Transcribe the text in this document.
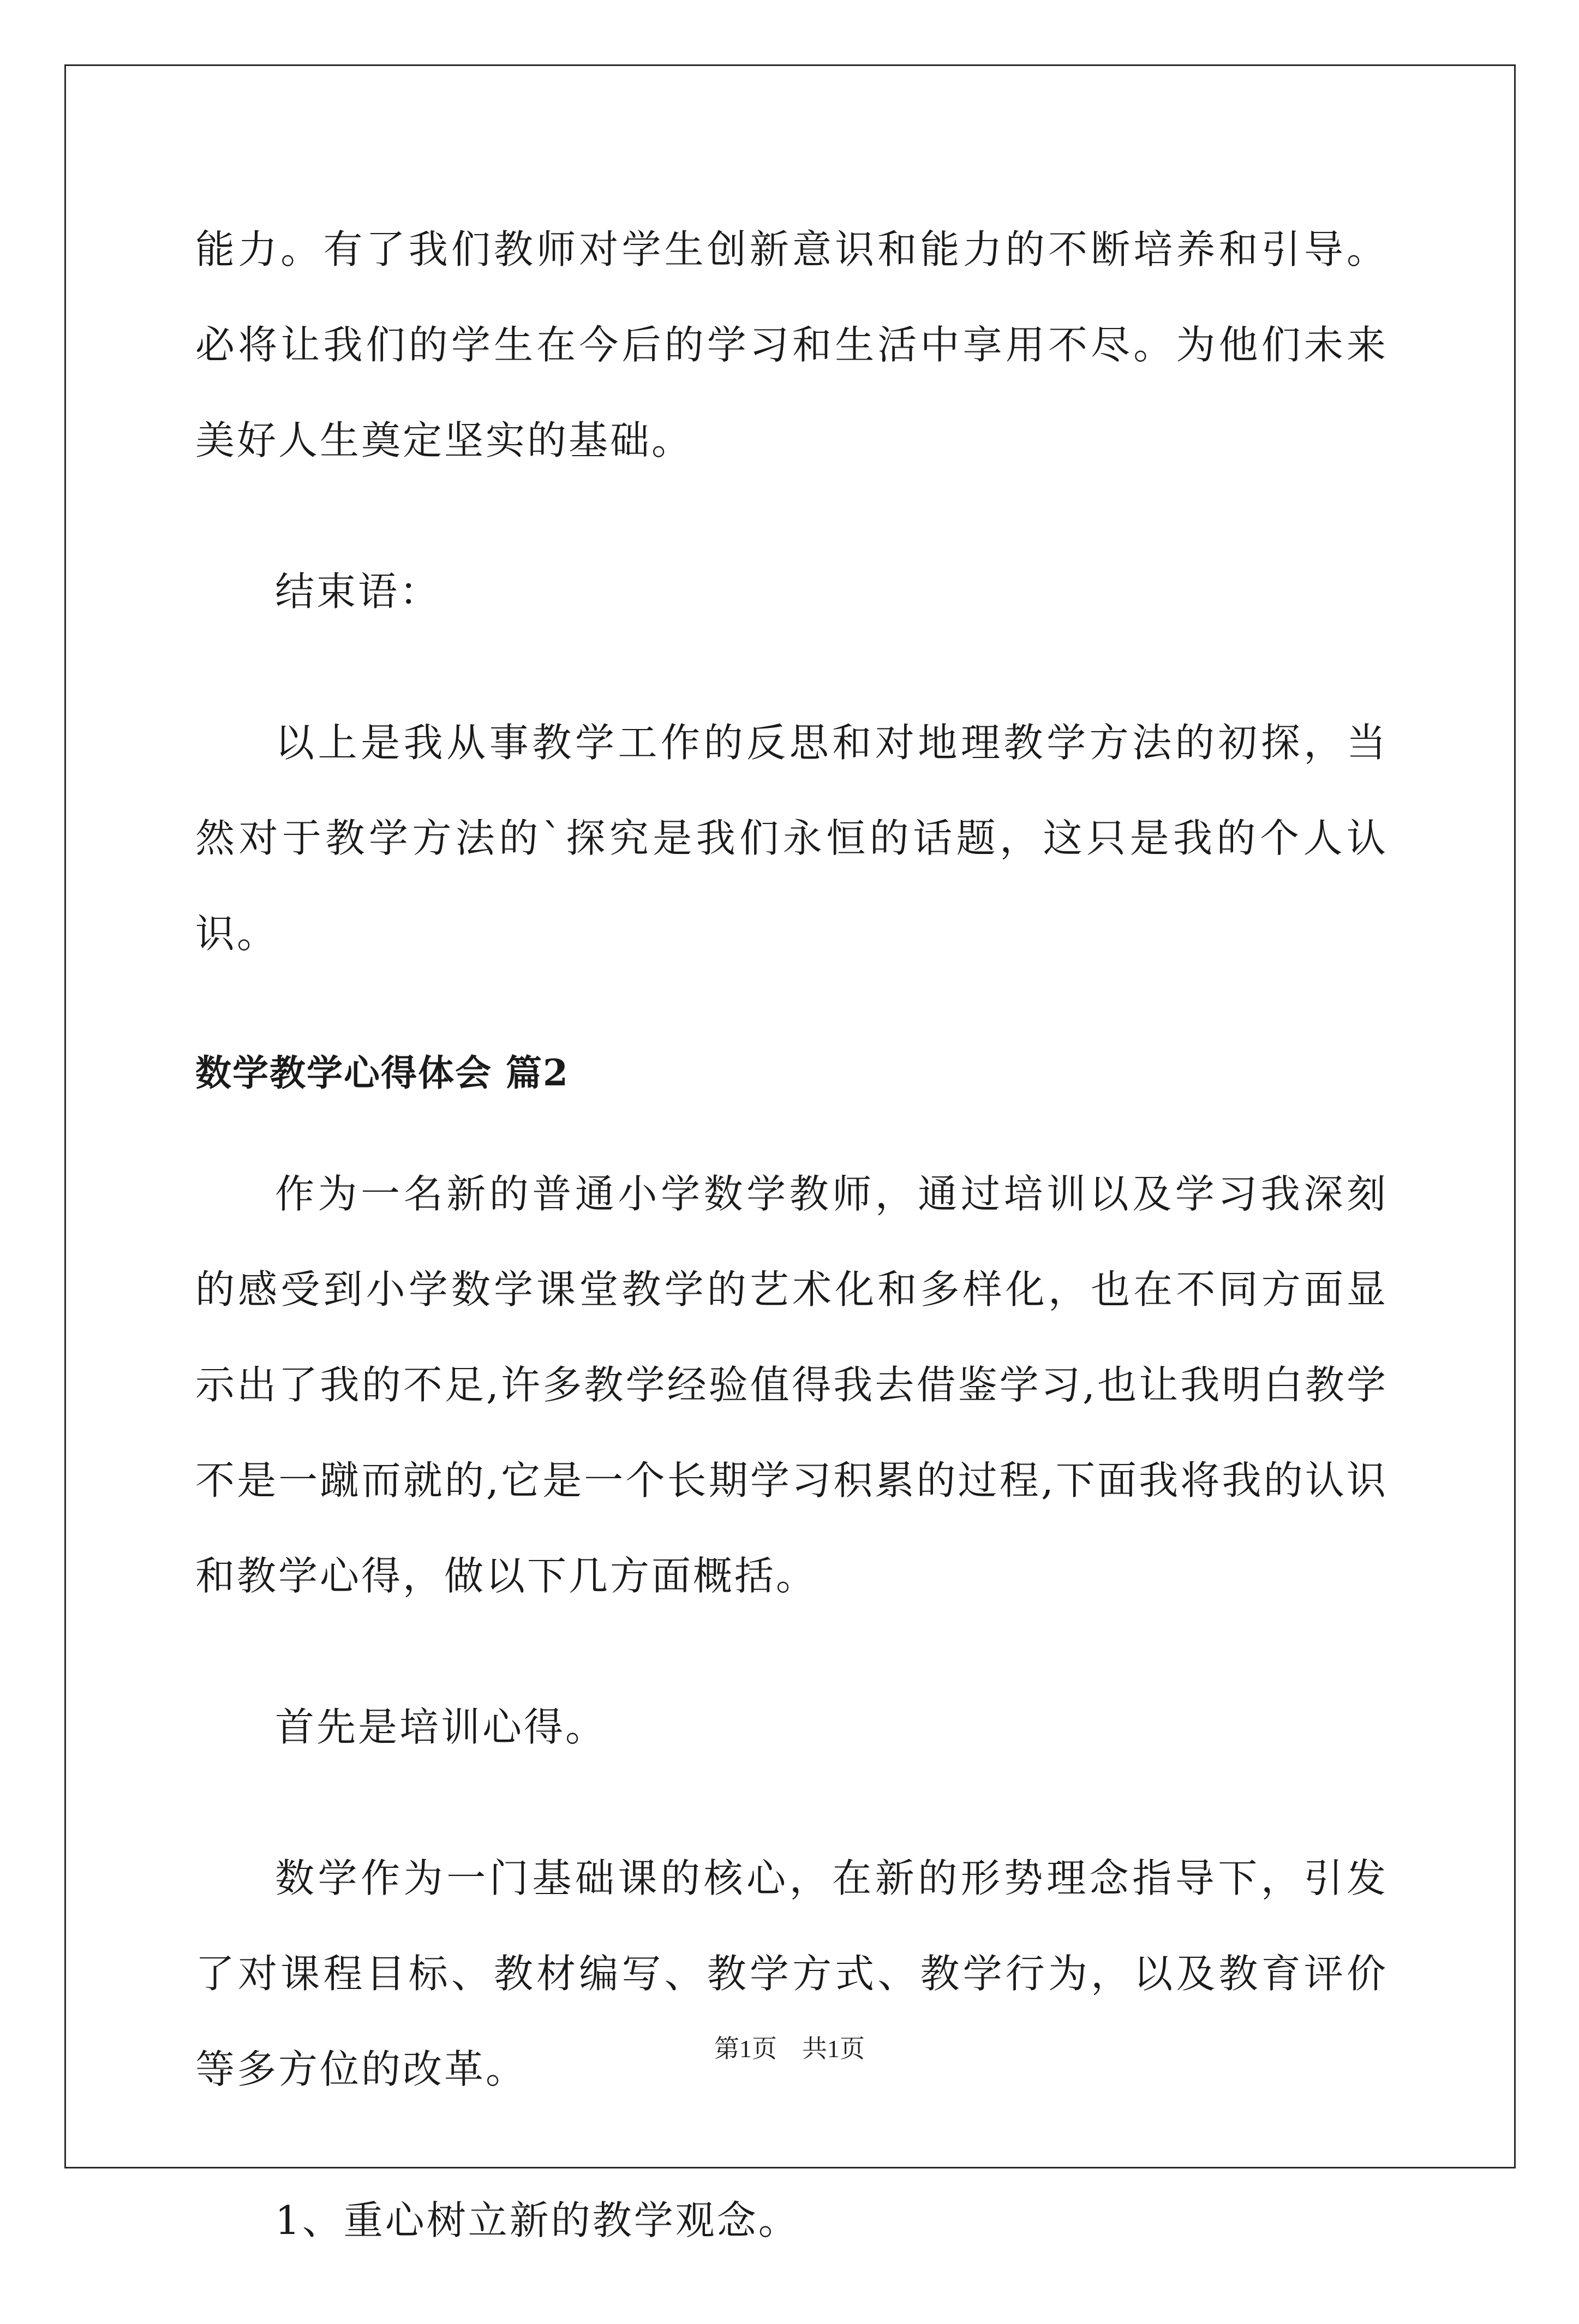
能力。有了我们教师对学生创新意识和能力的不断培养和引导。必将让我们的学生在今后的学习和生活中享用不尽。为他们未来美好人生奠定坚实的基础。

结束语：

以上是我从事教学工作的反思和对地理教学方法的初探，当然对于教学方法的`探究是我们永恒的话题，这只是我的个人认识。

数学教学心得体会 篇2

作为一名新的普通小学数学教师，通过培训以及学习我深刻的感受到小学数学课堂教学的艺术化和多样化，也在不同方面显示出了我的不足,许多教学经验值得我去借鉴学习,也让我明白教学不是一蹴而就的,它是一个长期学习积累的过程,下面我将我的认识和教学心得，做以下几方面概括。

首先是培训心得。

数学作为一门基础课的核心，在新的形势理念指导下，引发了对课程目标、教材编写、教学方式、教学行为，以及教育评价等多方位的改革。

1、重心树立新的教学观念。

第1页　共1页
